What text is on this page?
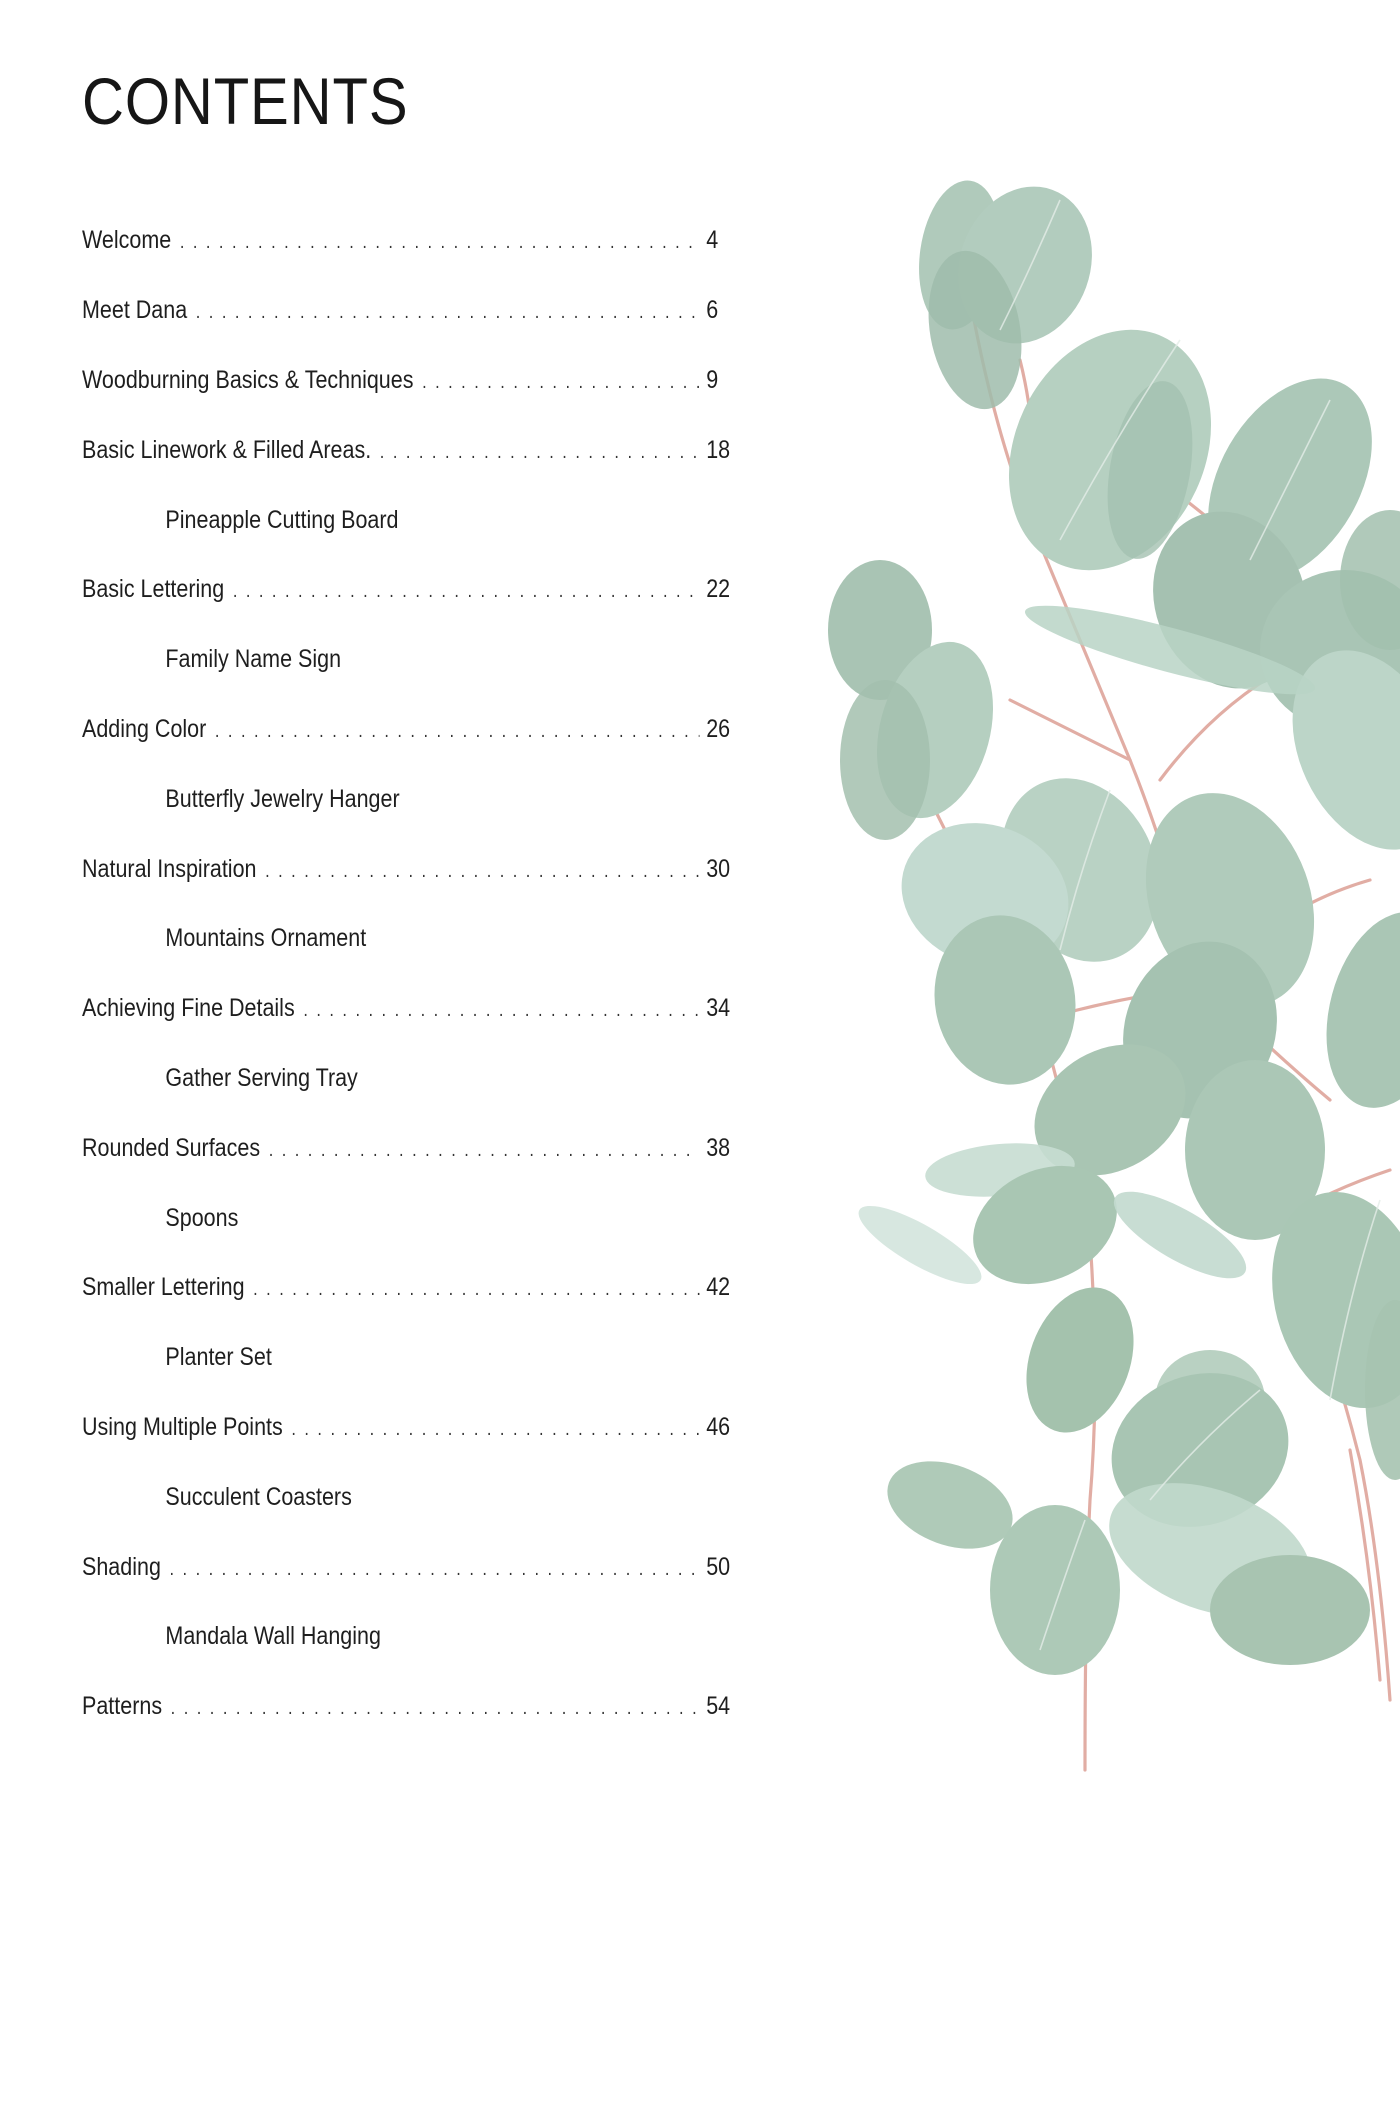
CONTENTS
Welcome . . .	4
Meet Dana . . .	6
Woodburning Basics & Techniques . . .	9
Basic Linework & Filled Areas. . . .	18
Pineapple Cutting Board
Basic Lettering . . .	22
Family Name Sign
Adding Color . . .	26
Butterfly Jewelry Hanger
Natural Inspiration . . .	30
Mountains Ornament
Achieving Fine Details . . .	34
Gather Serving Tray
Rounded Surfaces . . .	38
Spoons
Smaller Lettering . . .	42
Planter Set
Using Multiple Points . . .	46
Succulent Coasters
Shading . . .	50
Mandala Wall Hanging
Patterns . . .	54
